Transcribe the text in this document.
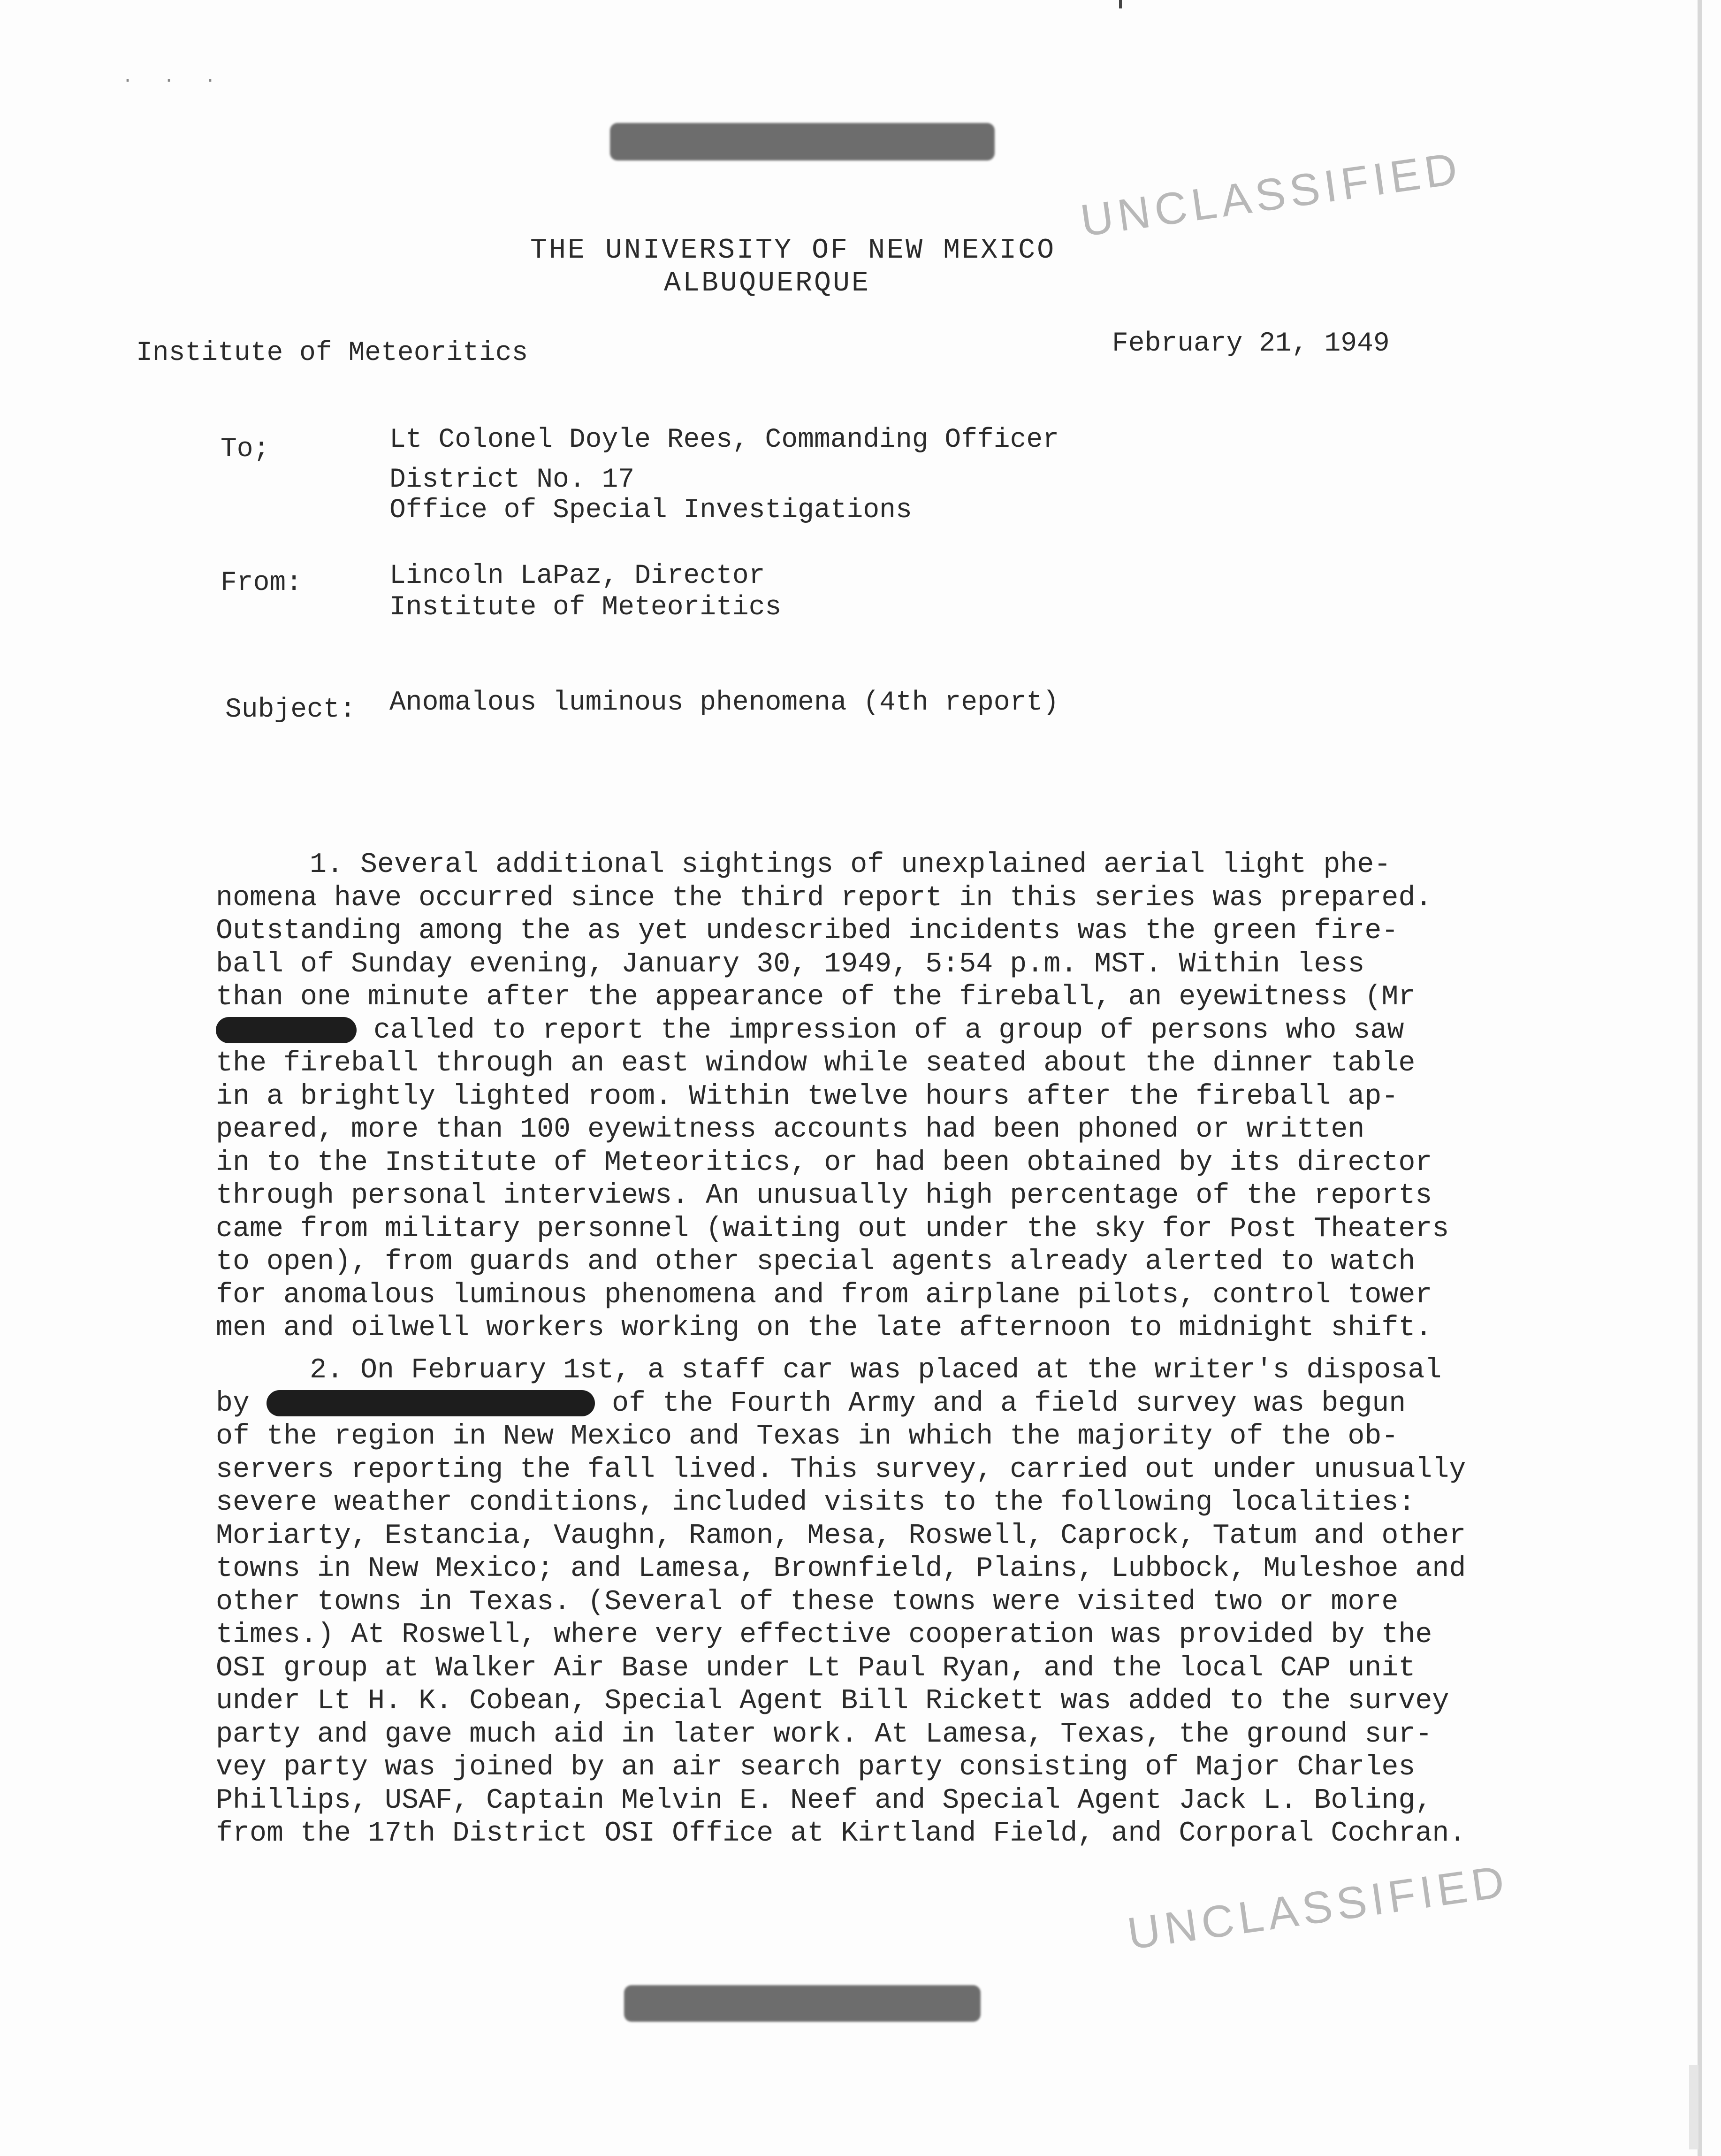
· · ·
UNCLASSIFIED
THE UNIVERSITY OF NEW MEXICO
ALBUQUERQUE
Institute of Meteoritics	February 21, 1949
To;	Lt Colonel Doyle Rees, Commanding Officer
District No. 17
Office of Special Investigations
From:	Lincoln LaPaz, Director
Institute of Meteoritics
Subject: Anomalous luminous phenomena (4th report)
1. Several additional sightings of unexplained aerial light phe-
nomena have occurred since the third report in this series was prepared.
Outstanding among the as yet undescribed incidents was the green fire-
ball of Sunday evening, January 30, 1949, 5:54 p.m. MST. Within less
than one minute after the appearance of the fireball, an eyewitness (Mr
called to report the impression of a group of persons who saw
the fireball through an east window while seated about the dinner table
in a brightly lighted room. Within twelve hours after the fireball ap-
peared, more than 100 eyewitness accounts had been phoned or written
in to the Institute of Meteoritics, or had been obtained by its director
through personal interviews. An unusually high percentage of the reports
came from military personnel (waiting out under the sky for Post Theaters
to open), from guards and other special agents already alerted to watch
for anomalous luminous phenomena and from airplane pilots, control tower
men and oilwell workers working on the late afternoon to midnight shift.
2. On February 1st, a staff car was placed at the writer's disposal
by	of the Fourth Army and a field survey was begun
of the region in New Mexico and Texas in which the majority of the ob-
servers reporting the fall lived. This survey, carried out under unusually
severe weather conditions, included visits to the following localities:
Moriarty, Estancia, Vaughn, Ramon, Mesa, Roswell, Caprock, Tatum and other
towns in New Mexico; and Lamesa, Brownfield, Plains, Lubbock, Muleshoe and
other towns in Texas. (Several of these towns were visited two or more
times.) At Roswell, where very effective cooperation was provided by the
OSI group at Walker Air Base under Lt Paul Ryan, and the local CAP unit
under Lt H. K. Cobean, Special Agent Bill Rickett was added to the survey
party and gave much aid in later work. At Lamesa, Texas, the ground sur-
vey party was joined by an air search party consisting of Major Charles
Phillips, USAF, Captain Melvin E. Neef and Special Agent Jack L. Boling,
from the 17th District OSI Office at Kirtland Field, and Corporal Cochran.
UNCLASSIFIED
